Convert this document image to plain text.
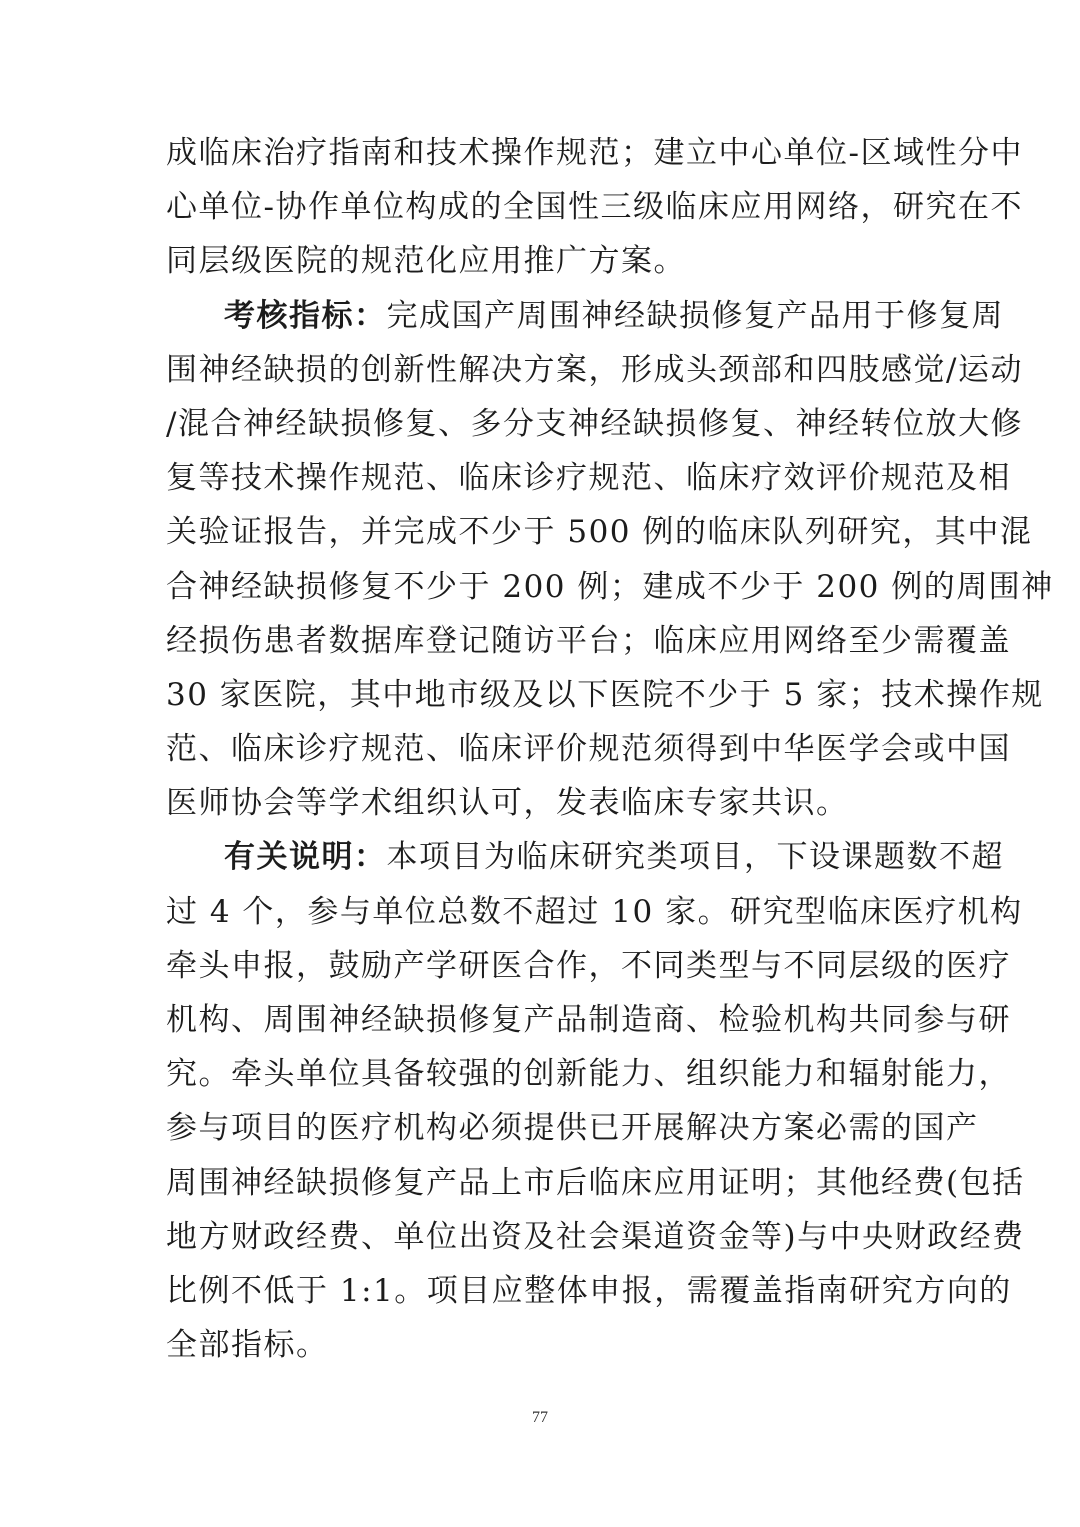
成临床治疗指南和技术操作规范；建立中心单位-区域性分中
心单位-协作单位构成的全国性三级临床应用网络，研究在不
同层级医院的规范化应用推广方案。
考核指标：完成国产周围神经缺损修复产品用于修复周
围神经缺损的创新性解决方案，形成头颈部和四肢感觉/运动
/混合神经缺损修复、多分支神经缺损修复、神经转位放大修
复等技术操作规范、临床诊疗规范、临床疗效评价规范及相
关验证报告，并完成不少于 500 例的临床队列研究，其中混
合神经缺损修复不少于 200 例；建成不少于 200 例的周围神
经损伤患者数据库登记随访平台；临床应用网络至少需覆盖
30 家医院，其中地市级及以下医院不少于 5 家；技术操作规
范、临床诊疗规范、临床评价规范须得到中华医学会或中国
医师协会等学术组织认可，发表临床专家共识。
有关说明：本项目为临床研究类项目，下设课题数不超
过 4 个，参与单位总数不超过 10 家。研究型临床医疗机构
牵头申报，鼓励产学研医合作，不同类型与不同层级的医疗
机构、周围神经缺损修复产品制造商、检验机构共同参与研
究。牵头单位具备较强的创新能力、组织能力和辐射能力，
参与项目的医疗机构必须提供已开展解决方案必需的国产
周围神经缺损修复产品上市后临床应用证明；其他经费(包括
地方财政经费、单位出资及社会渠道资金等)与中央财政经费
比例不低于 1:1。项目应整体申报，需覆盖指南研究方向的
全部指标。
77
